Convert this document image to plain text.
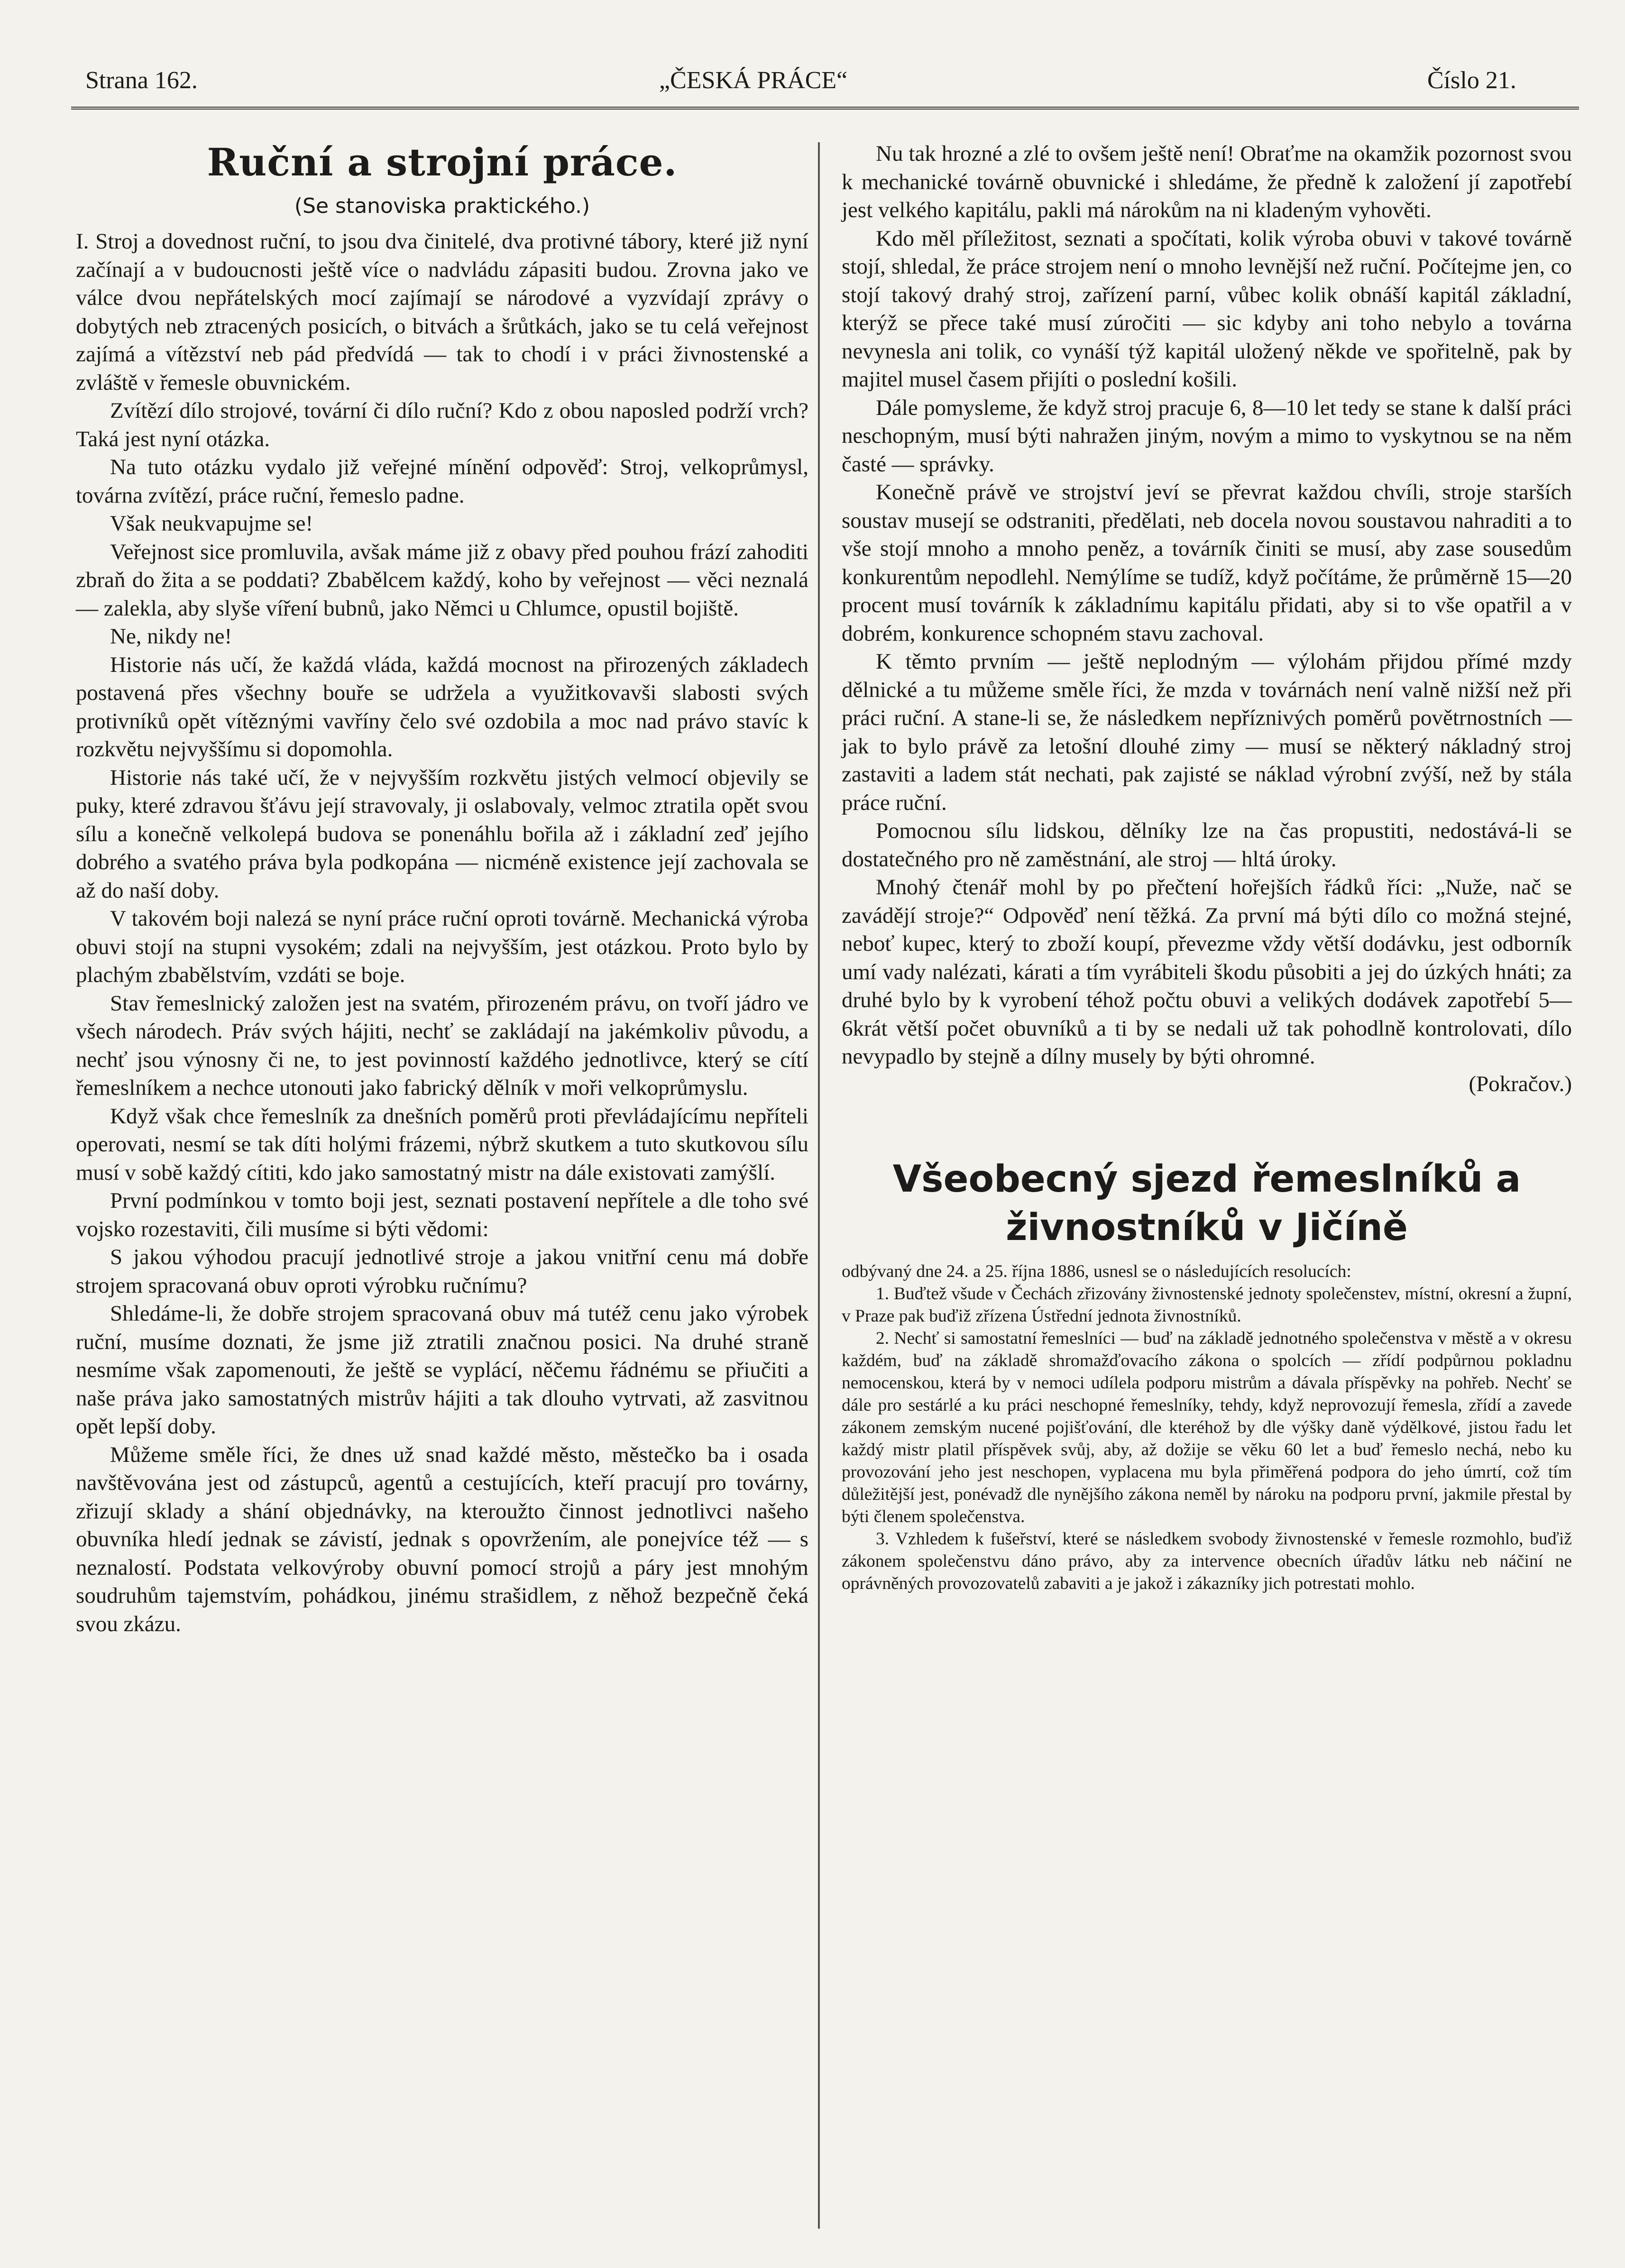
Strana 162.	„ČESKÁ PRÁCE“	Číslo 21.
Ruční a strojní práce.
(Se stanoviska praktického.)

I. Stroj a dovednost ruční, to jsou dva činitelé, dva protivné tábory, které již nyní začínají a v budoucnosti ještě více o nadvládu zápasiti budou. Zrovna jako ve válce dvou nepřátelských mocí zajímají se národové a vyzvídají zprávy o dobytých neb ztracených posicích, o bitvách a šrůtkách, jako se tu celá veřejnost zajímá a vítězství neb pád předvídá — tak to chodí i v práci živnostenské a zvláště v řemesle obuvnickém.

Zvítězí dílo strojové, tovární či dílo ruční? Kdo z obou naposled podrží vrch? Taká jest nyní otázka.

Na tuto otázku vydalo již veřejné mínění odpověď: Stroj, velkoprůmysl, továrna zvítězí, práce ruční, řemeslo padne.

Však neukvapujme se!

Veřejnost sice promluvila, avšak máme již z obavy před pouhou frází zahoditi zbraň do žita a se poddati? Zbabělcem každý, koho by veřejnost — věci neznalá — zalekla, aby slyše víření bubnů, jako Němci u Chlumce, opustil bojiště.

Ne, nikdy ne!

Historie nás učí, že každá vláda, každá mocnost na přirozených základech postavená přes všechny bouře se udržela a využitkovavši slabosti svých protivníků opět vítěznými vavříny čelo své ozdobila a moc nad právo stavíc k rozkvětu nejvyššímu si dopomohla.

Historie nás také učí, že v nejvyšším rozkvětu jistých velmocí objevily se puky, které zdravou šťávu její stravovaly, ji oslabovaly, velmoc ztratila opět svou sílu a konečně velkolepá budova se ponenáhlu bořila až i základní zeď jejího dobrého a svatého práva byla podkopána — nicméně existence její zachovala se až do naší doby.

V takovém boji nalezá se nyní práce ruční oproti továrně. Mechanická výroba obuvi stojí na stupni vysokém; zdali na nejvyšším, jest otázkou. Proto bylo by plachým zbabělstvím, vzdáti se boje.

Stav řemeslnický založen jest na svatém, přirozeném právu, on tvoří jádro ve všech národech. Práv svých hájiti, nechť se zakládají na jakémkoliv původu, a nechť jsou výnosny či ne, to jest povinností každého jednotlivce, který se cítí řemeslníkem a nechce utonouti jako fabrický dělník v moři velkoprůmyslu.

Když však chce řemeslník za dnešních poměrů proti převládajícímu nepříteli operovati, nesmí se tak díti holými frázemi, nýbrž skutkem a tuto skutkovou sílu musí v sobě každý cítiti, kdo jako samostatný mistr na dále existovati zamýšlí.

První podmínkou v tomto boji jest, seznati postavení nepřítele a dle toho své vojsko rozestaviti, čili musíme si býti vědomi:

S jakou výhodou pracují jednotlivé stroje a jakou vnitřní cenu má dobře strojem spracovaná obuv oproti výrobku ručnímu?

Shledáme-li, že dobře strojem spracovaná obuv má tutéž cenu jako výrobek ruční, musíme doznati, že jsme již ztratili značnou posici. Na druhé straně nesmíme však zapomenouti, že ještě se vyplácí, něčemu řádnému se přiučiti a naše práva jako samostatných mistrův hájiti a tak dlouho vytrvati, až zasvitnou opět lepší doby.

Můžeme směle říci, že dnes už snad každé město, městečko ba i osada navštěvována jest od zástupců, agentů a cestujících, kteří pracují pro továrny, zřizují sklady a shání objednávky, na kteroužto činnost jednotlivci našeho obuvníka hledí jednak se závistí, jednak s opovržením, ale ponejvíce též — s neznalostí. Podstata velkovýroby obuvní pomocí strojů a páry jest mnohým soudruhům tajemstvím, pohádkou, jinému strašidlem, z něhož bezpečně čeká svou zkázu.

Nu tak hrozné a zlé to ovšem ještě není! Obraťme na okamžik pozornost svou k mechanické továrně obuvnické i shledáme, že předně k založení jí zapotřebí jest velkého kapitálu, pakli má nárokům na ni kladeným vyhověti.

Kdo měl příležitost, seznati a spočítati, kolik výroba obuvi v takové továrně stojí, shledal, že práce strojem není o mnoho levnější než ruční. Počítejme jen, co stojí takový drahý stroj, zařízení parní, vůbec kolik obnáší kapitál základní, kterýž se přece také musí zúročiti — sic kdyby ani toho nebylo a továrna nevynesla ani tolik, co vynáší týž kapitál uložený někde ve spořitelně, pak by majitel musel časem přijíti o poslední košili.

Dále pomysleme, že když stroj pracuje 6, 8—10 let tedy se stane k další práci neschopným, musí býti nahražen jiným, novým a mimo to vyskytnou se na něm časté — správky.

Konečně právě ve strojství jeví se převrat každou chvíli, stroje starších soustav musejí se odstraniti, předělati, neb docela novou soustavou nahraditi a to vše stojí mnoho a mnoho peněz, a továrník činiti se musí, aby zase sousedům konkurentům nepodlehl. Nemýlíme se tudíž, když počítáme, že průměrně 15—20 procent musí továrník k základnímu kapitálu přidati, aby si to vše opatřil a v dobrém, konkurence schopném stavu zachoval.

K těmto prvním — ještě neplodným — výlohám přijdou přímé mzdy dělnické a tu můžeme směle říci, že mzda v továrnách není valně nižší než při práci ruční. A stane-li se, že následkem nepříznivých poměrů povětrnostních — jak to bylo právě za letošní dlouhé zimy — musí se některý nákladný stroj zastaviti a ladem stát nechati, pak zajisté se náklad výrobní zvýší, než by stála práce ruční.

Pomocnou sílu lidskou, dělníky lze na čas propustiti, nedostává-li se dostatečného pro ně zaměstnání, ale stroj — hltá úroky.

Mnohý čtenář mohl by po přečtení hořejších řádků říci: „Nuže, nač se zavádějí stroje?“ Odpověď není těžká. Za první má býti dílo co možná stejné, neboť kupec, který to zboží koupí, převezme vždy větší dodávku, jest odborník umí vady nalézati, kárati a tím vyrábiteli škodu působiti a jej do úzkých hnáti; za druhé bylo by k vyrobení téhož počtu obuvi a velikých dodávek zapotřebí 5—6krát větší počet obuvníků a ti by se nedali už tak pohodlně kontrolovati, dílo nevypadlo by stejně a dílny musely by býti ohromné.

(Pokračov.)

Všeobecný sjezd řemeslníků a živnostníků v Jičíně

odbývaný dne 24. a 25. října 1886, usnesl se o následujících resolucích:

1. Buďtež všude v Čechách zřizovány živnostenské jednoty společenstev, místní, okresní a župní, v Praze pak buďiž zřízena Ústřední jednota živnostníků.

2. Nechť si samostatní řemeslníci — buď na základě jednotného společenstva v městě a v okresu každém, buď na základě shromažďovacího zákona o spolcích — zřídí podpůrnou pokladnu nemocenskou, která by v nemoci udílela podporu mistrům a dávala příspěvky na pohřeb. Nechť se dále pro sestárlé a ku práci neschopné řemeslníky, tehdy, když neprovozují řemesla, zřídí a zavede zákonem zemským nucené pojišťování, dle kteréhož by dle výšky daně výdělkové, jistou řadu let každý mistr platil příspěvek svůj, aby, až dožije se věku 60 let a buď řemeslo nechá, nebo ku provozování jeho jest neschopen, vyplacena mu byla přiměřená podpora do jeho úmrtí, což tím důležitější jest, ponévadž dle nynějšího zákona neměl by nároku na podporu první, jakmile přestal by býti členem společenstva.

3. Vzhledem k fušeřství, které se následkem svobody živnostenské v řemesle rozmohlo, buďiž zákonem společenstvu dáno právo, aby za intervence obecních úřadův látku neb náčiní ne oprávněných provozovatelů zabaviti a je jakož i zákazníky jich potrestati mohlo.
